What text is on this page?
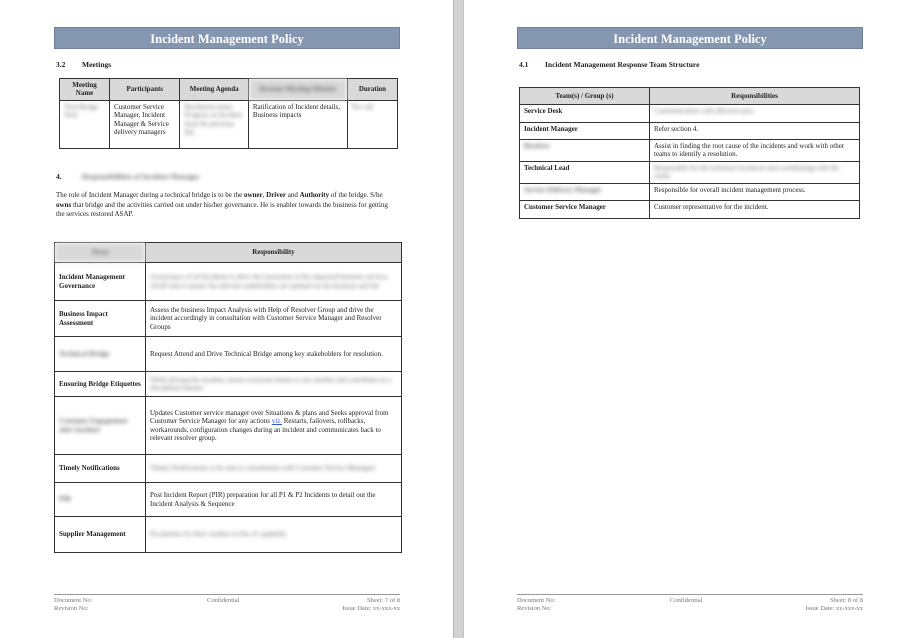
Incident Management Policy
3.2 Meetings
Meeting Name	Participants	Meeting Agenda	Reasons Meeting Minutes	Duration
Tech Bridge Tech	Customer Service Manager, Incident Manager & Service delivery managers	Resolution status Progress on Incident from the previous day	Ratification of Incident details, Business impacts	Per call
4.	Responsibilities of Incident Manager
The role of Incident Manager during a technical bridge is to be the owner, Driver and Authority of the bridge. S/he owns that bridge and the activities carried out under his/her governance. He is enabler towards the business for getting the services restored ASAP.
Areas	Responsibility
Incident Management Governance	Governance of all Incidents to drive the restoration of the impacted business services ASAP and to ensure the relevant stakeholders are updated on the business and the
Business Impact Assessment	Assess the business Impact Analysis with Help of Resolver Group and drive the incident accordingly in consultation with Customer Service Manager and Resolver Groups
Technical Bridge	Request Attend and Drive Technical Bridge among key stakeholders for resolution.
Ensuring Bridge Etiquettes	While driving the incident, ensure everyone listens to one another and contributes in a disciplined manner
Customer Engagement after Incident	Updates Customer service manager over Situations & plans and Seeks approval from Customer Service Manager for any actions viz. Restarts, failovers, rollbacks, workarounds, configuration changes during an incident and communicates back to relevant resolver group.
Timely Notifications	Timely Notifications to be sent in consultation with Customer Service Managers
PIR	Post Incident Report (PIR) preparation for all P1 & P2 Incidents to detail out the Incident Analysis & Sequence
Supplier Management	Escalations for their vendors in lieu of capability
Document No:
Revision No:
Confidential	Sheet: 7 of 8
Issue Date: xx-xxx-xx
Incident Management Policy
4.1 Incident Management Response Team Structure
Team(s) / Group (s)	Responsibilities
Service Desk	Communication with affected users
Incident Manager	Refer section 4.
Resolver	Assist in finding the root cause of the incidents and work with other teams to identify a resolution.
Technical Lead	Responsible for the technical resolution and coordinating with the teams
Service Delivery Manager	Responsible for overall incident management process.
Customer Service Manager	Customer representative for the incident.
Document No:
Revision No:
Confidential	Sheet: 8 of 8
Issue Date: xx-xxx-xx
